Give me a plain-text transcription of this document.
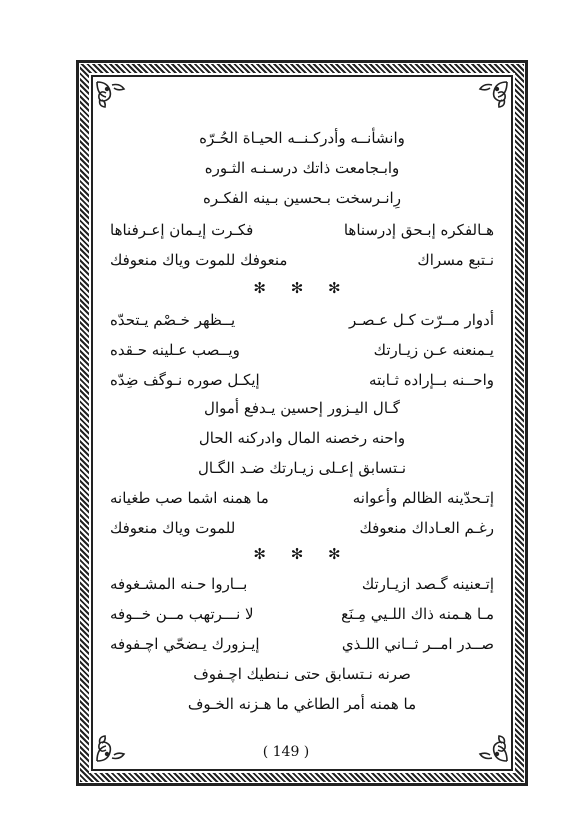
وانشأنــه وأدركـنــه الحيـاة الحُـرّه
وابـجامعت ذاتك درسـنـه الثـوره
رِانـرسخت بـحسين بـينه الفكـره
هـالفكره إبـحق إدرسناها
فكـرت إيـمان إعـرفناها
نـتبع مسراك
منعوفك للموت وياك منعوفك
✻ ✻ ✻
أدوار مــرّت كـل عـصـر
يــظهر خـصْم يـتحدّه
يـمنعنه عـن زيـارتك
ويــصب عـلينه حـقده
واحــنه بــإراده ثـابته
إيكـل صوره نـوگف ضِدّه
گـال اليـزور إحسين يـدفع أموال
واحنه رخصنه المال وادركنه الحال
نـتسابق إعـلى زيـارتك ضـد الگـال
إتـحدّينه الظالم وأعوانه
ما همنه اشما صب طغيانه
رغـم العـاداك منعوفك
للموت وياك منعوفك
✻ ✻ ✻
إتـعنينه گـصد ازيـارتك
بــاروا حـنه المشـغوفه
مـا هـمنه ذاك اللـيي مِـنَع
لا نـــرتهب مــن خــوفه
صــدر امــر ثــاني اللـذي
إيـزورك يـضحّي اچـفوفه
صرنه نـتسابق حتى نـنطيك اچـفوف
ما همنه أمر الطاغي ما هـزنه الخـوف
( 149 )
